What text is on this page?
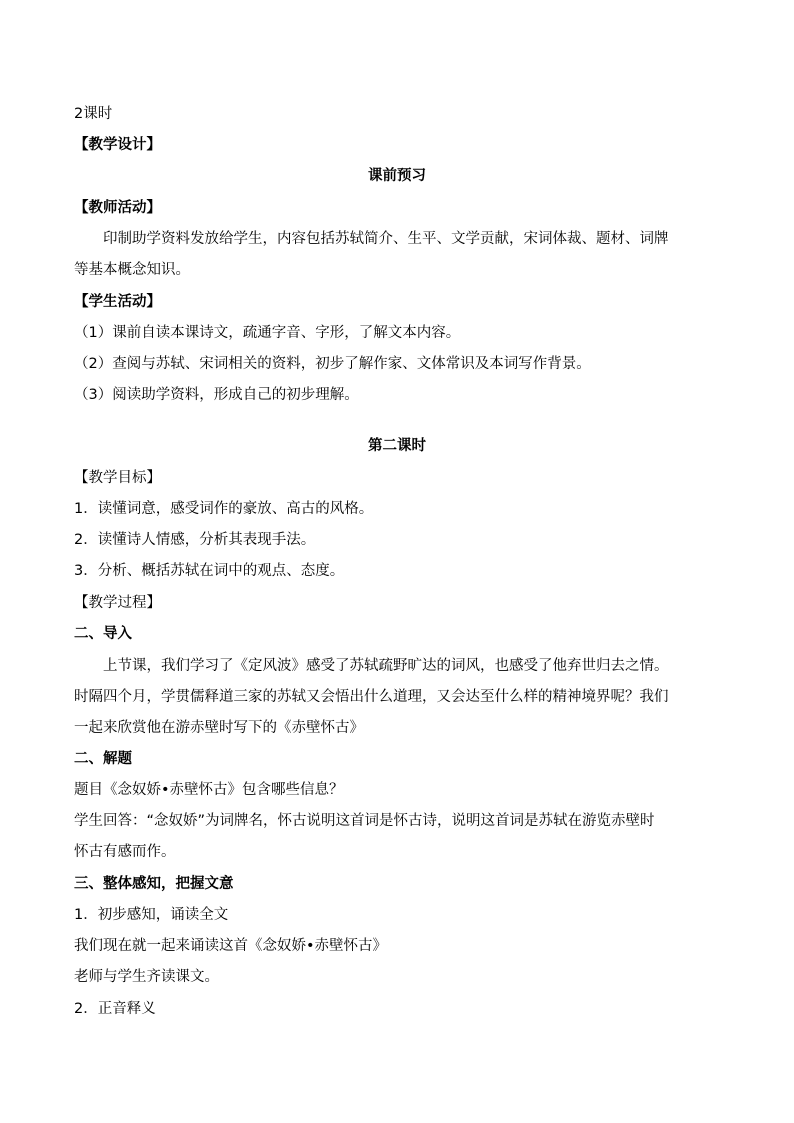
2课时
【教学设计】
课前预习
【教师活动】
印制助学资料发放给学生，内容包括苏轼简介、生平、文学贡献，宋词体裁、题材、词牌
等基本概念知识。
【学生活动】
（1）课前自读本课诗文，疏通字音、字形，了解文本内容。
（2）查阅与苏轼、宋词相关的资料，初步了解作家、文体常识及本词写作背景。
（3）阅读助学资料，形成自己的初步理解。
第二课时
【教学目标】
1．读懂词意，感受词作的豪放、高古的风格。
2．读懂诗人情感，分析其表现手法。
3．分析、概括苏轼在词中的观点、态度。
【教学过程】
二、导入
上节课，我们学习了《定风波》感受了苏轼疏野旷达的词风，也感受了他弃世归去之情。
时隔四个月，学贯儒释道三家的苏轼又会悟出什么道理，又会达至什么样的精神境界呢？我们
一起来欣赏他在游赤壁时写下的《赤壁怀古》
二、解题
题目《念奴娇•赤壁怀古》包含哪些信息？
学生回答：“念奴娇”为词牌名，怀古说明这首词是怀古诗，说明这首词是苏轼在游览赤壁时
怀古有感而作。
三、整体感知，把握文意
1．初步感知，诵读全文
我们现在就一起来诵读这首《念奴娇•赤壁怀古》
老师与学生齐读课文。
2．正音释义
